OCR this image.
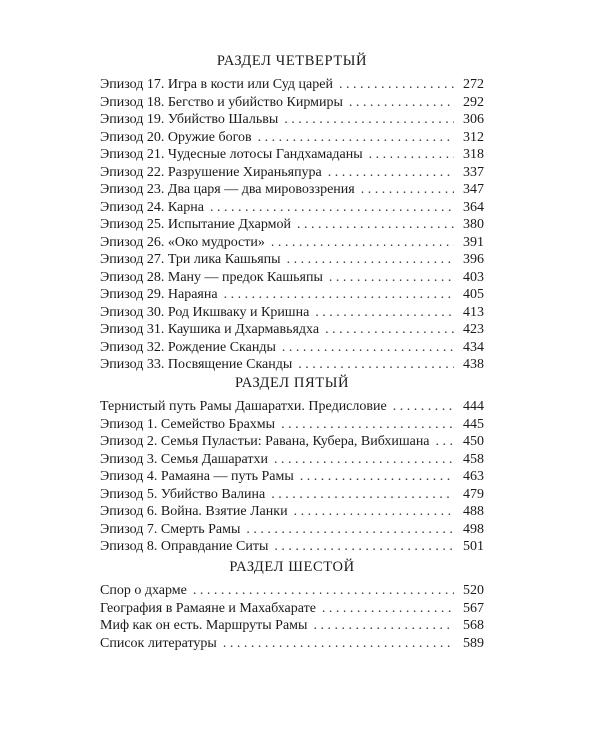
РАЗДЕЛ ЧЕТВЕРТЫЙ
Эпизод 17. Игра в кости или Суд царей . . .	272
Эпизод 18. Бегство и убийство Кирмиры . . .	292
Эпизод 19. Убийство Шальвы . . .	306
Эпизод 20. Оружие богов . . .	312
Эпизод 21. Чудесные лотосы Гандхамаданы . . .	318
Эпизод 22. Разрушение Хираньяпура . . .	337
Эпизод 23. Два царя — два мировоззрения . . .	347
Эпизод 24. Карна . . .	364
Эпизод 25. Испытание Дхармой . . .	380
Эпизод 26. «Око мудрости» . . .	391
Эпизод 27. Три лика Кашьяпы . . .	396
Эпизод 28. Ману — предок Кашьяпы . . .	403
Эпизод 29. Нараяна . . .	405
Эпизод 30. Род Икшваку и Кришна . . .	413
Эпизод 31. Каушика и Дхармавьядха . . .	423
Эпизод 32. Рождение Сканды . . .	434
Эпизод 33. Посвящение Сканды . . .	438
РАЗДЕЛ ПЯТЫЙ
Тернистый путь Рамы Дашаратхи. Предисловие . . .	444
Эпизод 1. Семейство Брахмы . . .	445
Эпизод 2. Семья Пуластьи: Равана, Кубера, Вибхишана . . .	450
Эпизод 3. Семья Дашаратхи . . .	458
Эпизод 4. Рамаяна — путь Рамы . . .	463
Эпизод 5. Убийство Валина . . .	479
Эпизод 6. Война. Взятие Ланки . . .	488
Эпизод 7. Смерть Рамы . . .	498
Эпизод 8. Оправдание Ситы . . .	501
РАЗДЕЛ ШЕСТОЙ
Спор о дхарме . . .	520
География в Рамаяне и Махабхарате . . .	567
Миф как он есть. Маршруты Рамы . . .	568
Список литературы . . .	589
